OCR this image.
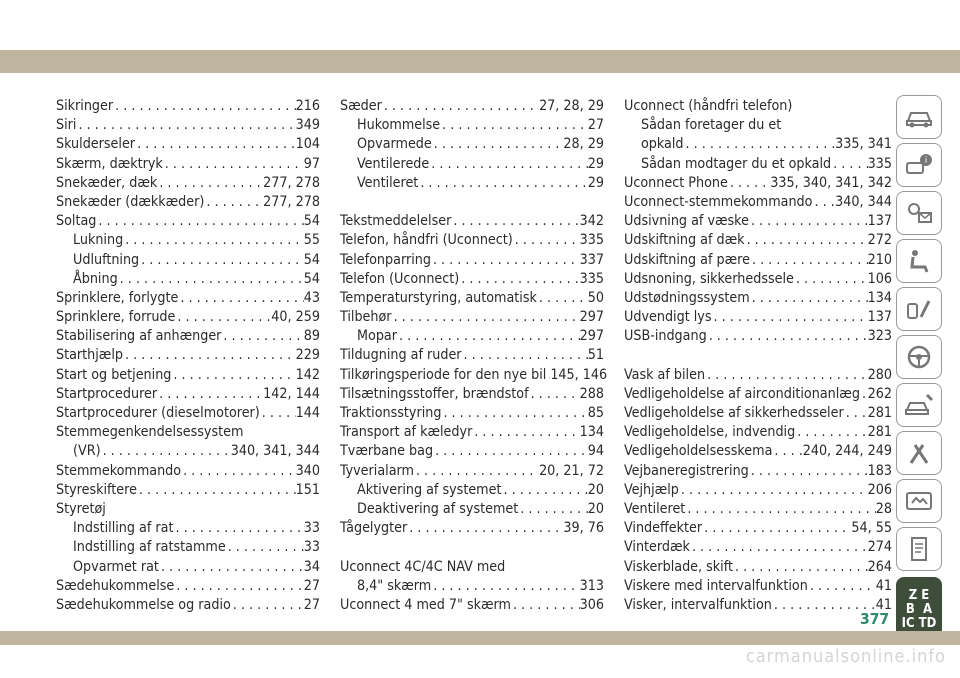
Sikringer . . .	216
Siri . . .	349
Skulderseler . . .	104
Skærm, dæktryk . . .	97
Snekæder, dæk . . .	277, 278
Snekæder (dækkæder) . . .	277, 278
Soltag . . .	54
Lukning . . .	55
Udluftning . . .	54
Åbning . . .	54
Sprinklere, forlygte . . .	43
Sprinklere, forrude . . .	40, 259
Stabilisering af anhænger . . .	89
Starthjælp . . .	229
Start og betjening . . .	142
Startprocedurer . . .	142, 144
Startprocedurer (dieselmotorer) . . .	144
Stemmegenkendelsessystem
(VR) . . .	340, 341, 344
Stemmekommando . . .	340
Styreskiftere . . .	151
Styretøj
Indstilling af rat . . .	33
Indstilling af ratstamme . . .	33
Opvarmet rat . . .	34
Sædehukommelse . . .	27
Sædehukommelse og radio . . .	27
Sæder . . .	27, 28, 29
Hukommelse . . .	27
Opvarmede . . .	28, 29
Ventilerede . . .	29
Ventileret . . .	29
Tekstmeddelelser . . .	342
Telefon, håndfri (Uconnect) . . .	335
Telefonparring . . .	337
Telefon (Uconnect) . . .	335
Temperaturstyring, automatisk . . .	50
Tilbehør . . .	297
Mopar . . .	297
Tildugning af ruder . . .	51
Tilkøringsperiode for den nye bil . . . 145, 146
Tilsætningsstoffer, brændstof . . .	288
Traktionsstyring . . .	85
Transport af kæledyr . . .	134
Tværbane bag . . .	94
Tyverialarm . . .	20, 21, 72
Aktivering af systemet . . .	20
Deaktivering af systemet . . .	20
Tågelygter . . .	39, 76
Uconnect 4C/4C NAV med
8,4" skærm . . .	313
Uconnect 4 med 7" skærm . . .	306
Uconnect (håndfri telefon)
Sådan foretager du et
opkald . . .	335, 341
Sådan modtager du et opkald . . .	335
Uconnect Phone . . .	335, 340, 341, 342
Uconnect-stemmekommando . . . 340, 344
Udsivning af væske . . .	137
Udskiftning af dæk . . .	272
Udskiftning af pære . . .	210
Udsnoning, sikkerhedssele . . .	106
Udstødningssystem . . .	134
Udvendigt lys . . .	137
USB-indgang . . .	323
Vask af bilen . . .	280
Vedligeholdelse af airconditionanlæg . . . 262
Vedligeholdelse af sikkerhedsseler . . . 281
Vedligeholdelse, indvendig . . .	281
Vedligeholdelsesskema . . . 240, 244, 249
Vejbaneregistrering . . .	183
Vejhjælp . . .	206
Ventileret . . .	28
Vindeffekter . . .	54, 55
Vinterdæk . . .	274
Viskerblade, skift . . .	264
Viskere med intervalfunktion . . .	41
Visker, intervalfunktion . . .	41
i
Z E
B A
IC TD
377
carmanualsonline.info
